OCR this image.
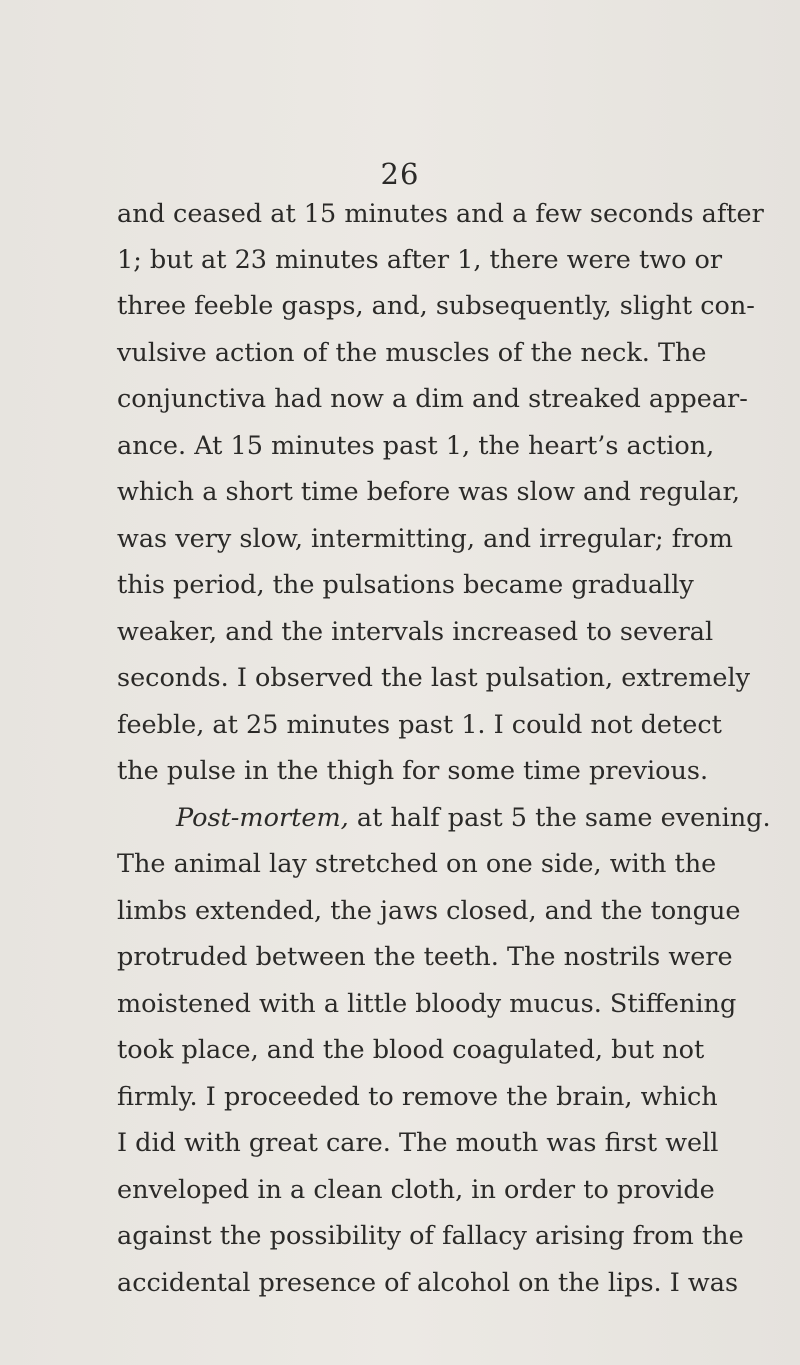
26
and ceased at 15 minutes and a few seconds after
1; but at 23 minutes after 1, there were two or
three feeble gasps, and, subsequently, slight con-
vulsive action of the muscles of the neck. The
conjunctiva had now a dim and streaked appear-
ance. At 15 minutes past 1, the heart’s action,
which a short time before was slow and regular,
was very slow, intermitting, and irregular; from
this period, the pulsations became gradually
weaker, and the intervals increased to several
seconds. I observed the last pulsation, extremely
feeble, at 25 minutes past 1. I could not detect
the pulse in the thigh for some time previous.
Post-mortem, at half past 5 the same evening.
The animal lay stretched on one side, with the
limbs extended, the jaws closed, and the tongue
protruded between the teeth. The nostrils were
moistened with a little bloody mucus. Stiffening
took place, and the blood coagulated, but not
firmly. I proceeded to remove the brain, which
I did with great care. The mouth was first well
enveloped in a clean cloth, in order to provide
against the possibility of fallacy arising from the
accidental presence of alcohol on the lips. I was
